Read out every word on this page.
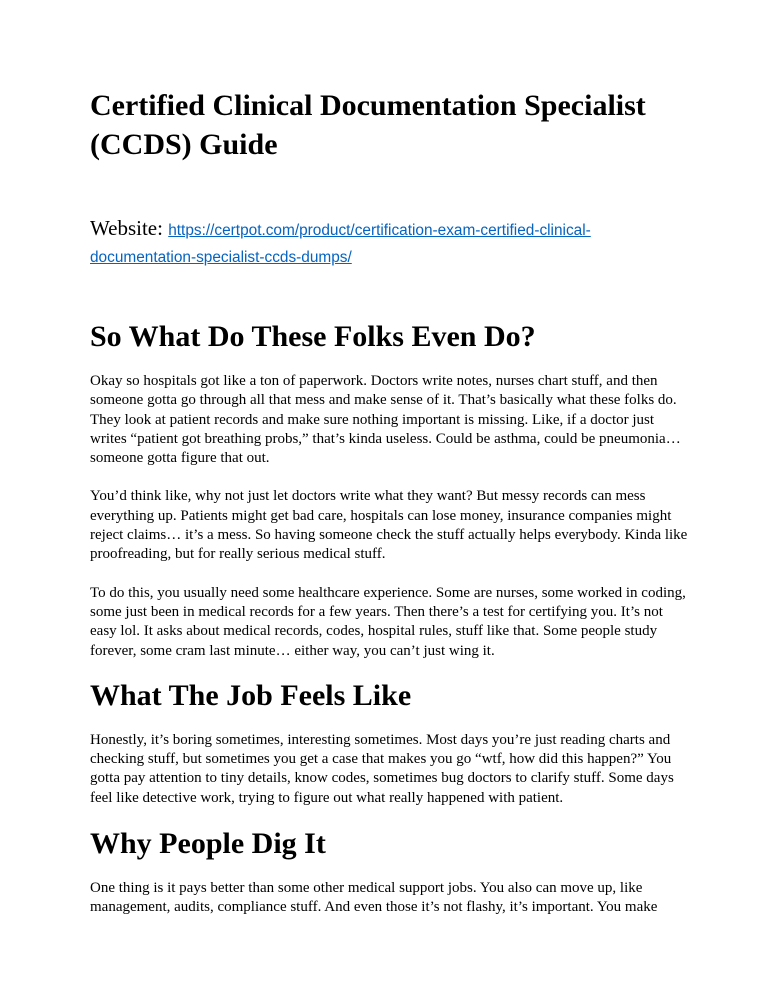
Certified Clinical Documentation Specialist (CCDS) Guide
Website: https://certpot.com/product/certification-exam-certified-clinical-documentation-specialist-ccds-dumps/
So What Do These Folks Even Do?

Okay so hospitals got like a ton of paperwork. Doctors write notes, nurses chart stuff, and then someone gotta go through all that mess and make sense of it. That’s basically what these folks do. They look at patient records and make sure nothing important is missing. Like, if a doctor just writes “patient got breathing probs,” that’s kinda useless. Could be asthma, could be pneumonia… someone gotta figure that out.

You’d think like, why not just let doctors write what they want? But messy records can mess everything up. Patients might get bad care, hospitals can lose money, insurance companies might reject claims… it’s a mess. So having someone check the stuff actually helps everybody. Kinda like proofreading, but for really serious medical stuff.

To do this, you usually need some healthcare experience. Some are nurses, some worked in coding, some just been in medical records for a few years. Then there’s a test for certifying you. It’s not easy lol. It asks about medical records, codes, hospital rules, stuff like that. Some people study forever, some cram last minute… either way, you can’t just wing it.

What The Job Feels Like

Honestly, it’s boring sometimes, interesting sometimes. Most days you’re just reading charts and checking stuff, but sometimes you get a case that makes you go “wtf, how did this happen?” You gotta pay attention to tiny details, know codes, sometimes bug doctors to clarify stuff. Some days feel like detective work, trying to figure out what really happened with patient.

Why People Dig It

One thing is it pays better than some other medical support jobs. You also can move up, like management, audits, compliance stuff. And even those it’s not flashy, it’s important. You make
